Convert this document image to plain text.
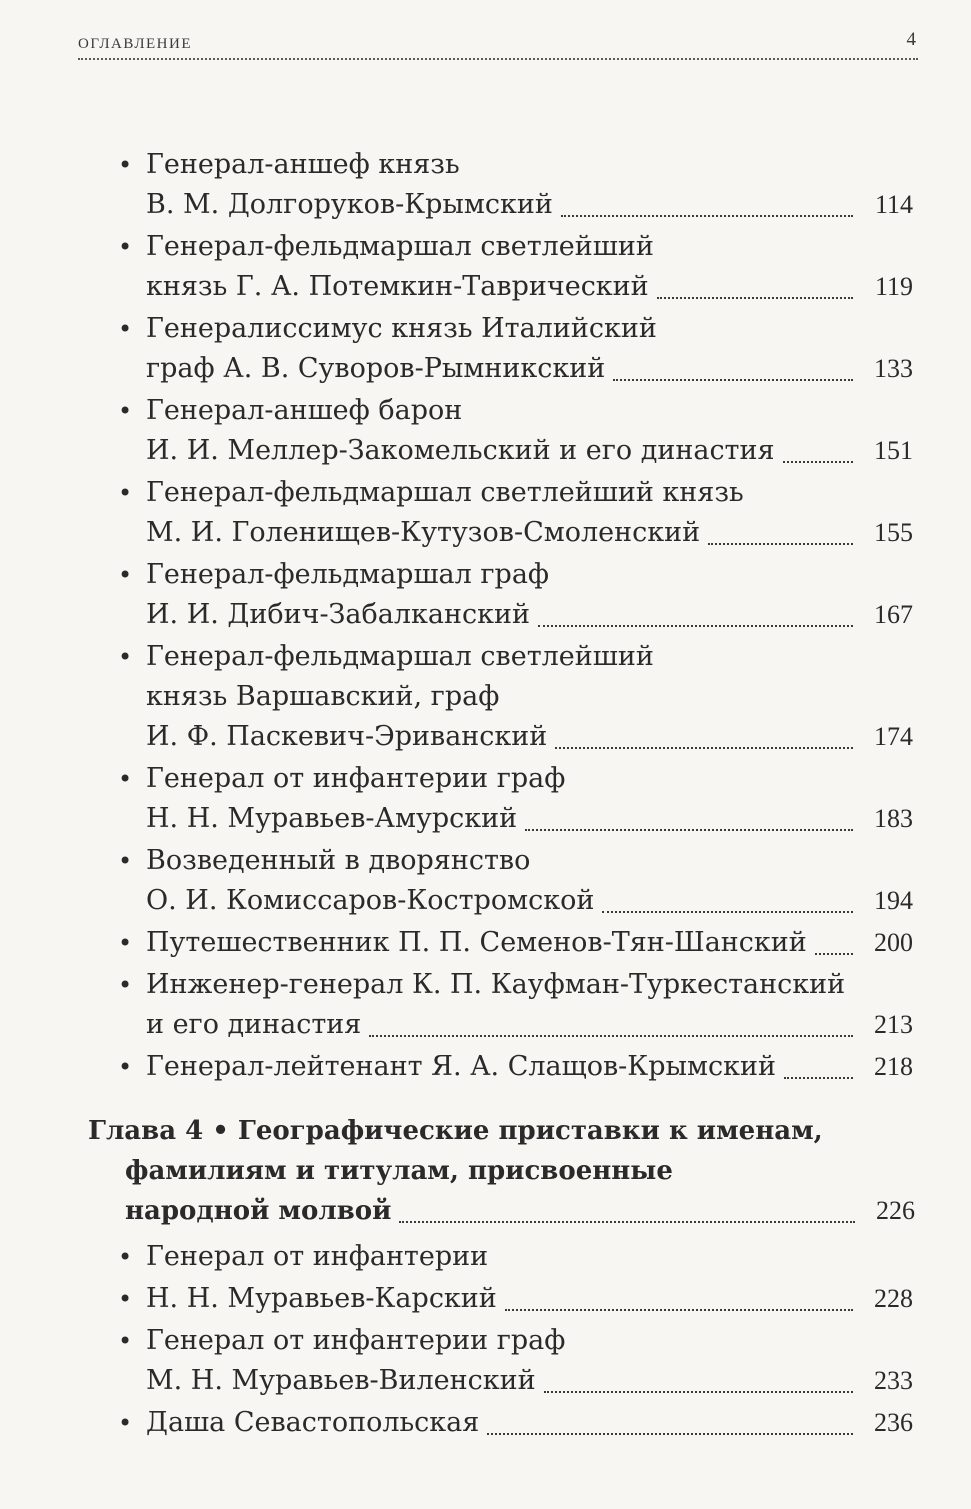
ОГЛАВЛЕНИЕ	4
• Генерал-аншеф князь
В. М. Долгоруков-Крымский	114
• Генерал-фельдмаршал светлейший
князь Г. А. Потемкин-Таврический	119
• Генералиссимус князь Италийский
граф А. В. Суворов-Рымникский	133
• Генерал-аншеф барон
И. И. Меллер-Закомельский и его династия	151
• Генерал-фельдмаршал светлейший князь
М. И. Голенищев-Кутузов-Смоленский	155
• Генерал-фельдмаршал граф
И. И. Дибич-Забалканский	167
• Генерал-фельдмаршал светлейший
князь Варшавский, граф
И. Ф. Паскевич-Эриванский	174
• Генерал от инфантерии граф
Н. Н. Муравьев-Амурский	183
• Возведенный в дворянство
О. И. Комиссаров-Костромской	194
• Путешественник П. П. Семенов-Тян-Шанский	200
• Инженер-генерал К. П. Кауфман-Туркестанский
и его династия	213
• Генерал-лейтенант Я. А. Слащов-Крымский	218
Глава 4 • Географические приставки к именам,
фамилиям и титулам, присвоенные
народной молвой	226
• Генерал от инфантерии
• Н. Н. Муравьев-Карский	228
• Генерал от инфантерии граф
М. Н. Муравьев-Виленский	233
• Даша Севастопольская	236
